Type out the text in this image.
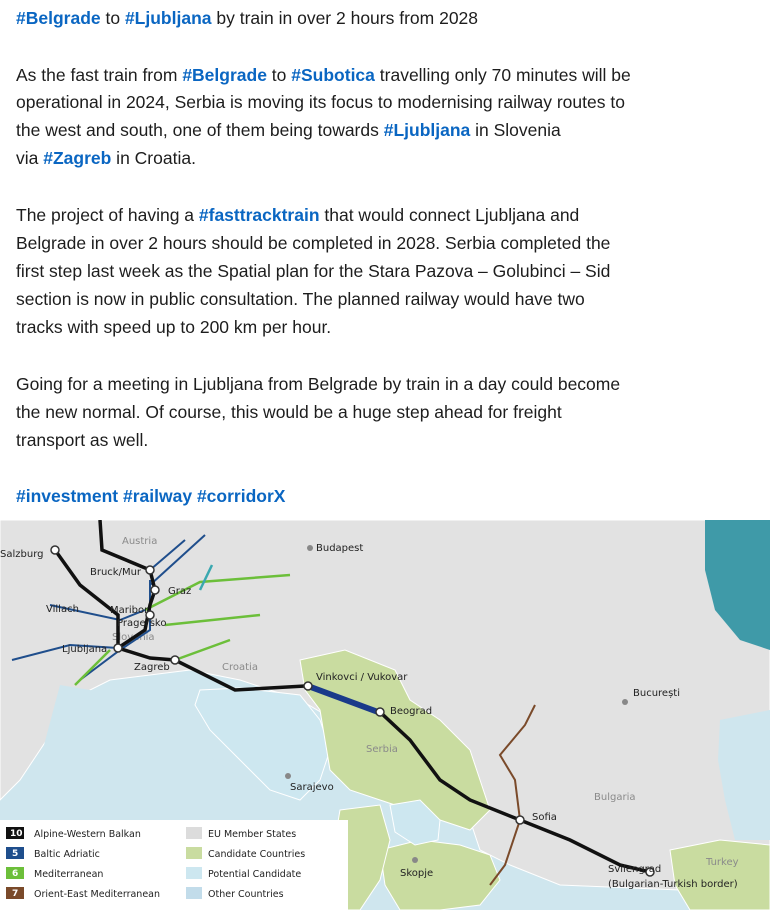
#Belgrade to #Ljubljana by train in over 2 hours from 2028

As the fast train from #Belgrade to #Subotica travelling only 70 minutes will be

operational in 2024, Serbia is moving its focus to modernising railway routes to

the west and south, one of them being towards #Ljubljana in Slovenia

via #Zagreb in Croatia.

The project of having a #fasttracktrain that would connect Ljubljana and

Belgrade in over 2 hours should be completed in 2028. Serbia completed the

first step last week as the Spatial plan for the Stara Pazova – Golubinci – Sid

section is now in public consultation. The planned railway would have two

tracks with speed up to 200 km per hour.

Going for a meeting in Ljubljana from Belgrade by train in a day could become

the new normal. Of course, this would be a huge step ahead for freight

transport as well.

#investment #railway #corridorX

Austria
Slovenia
Croatia
Serbia
Bulgaria
Turkey
Salzburg
Bruck/Mur
Graz
Villach	Maribor
Pragersko
Ljubljana
Zagreb
Budapest
Vinkovci / Vukovar
Beograd
București
Sarajevo
Sofia
Skopje	Svilengrad
(Bulgarian-Turkish border)
10 Alpine-Western Balkan
5 Baltic Adriatic
6 Mediterranean
7 Orient-East Mediterranean
EU Member States
Candidate Countries
Potential Candidate
Other Countries
